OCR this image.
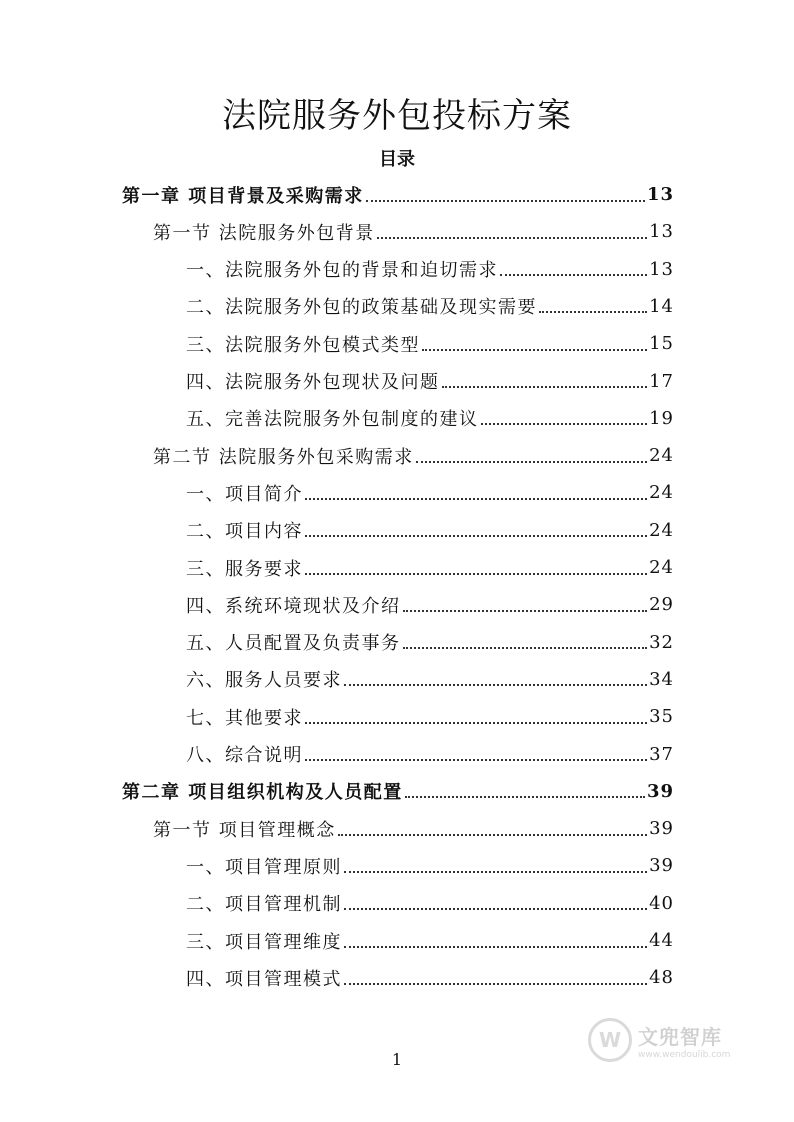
法院服务外包投标方案
目录
第一章 项目背景及采购需求	13
第一节 法院服务外包背景	13
一、法院服务外包的背景和迫切需求	13
二、法院服务外包的政策基础及现实需要	14
三、法院服务外包模式类型	15
四、法院服务外包现状及问题	17
五、完善法院服务外包制度的建议	19
第二节 法院服务外包采购需求	24
一、项目简介	24
二、项目内容	24
三、服务要求	24
四、系统环境现状及介绍	29
五、人员配置及负责事务	32
六、服务人员要求	34
七、其他要求	35
八、综合说明	37
第二章 项目组织机构及人员配置	39
第一节 项目管理概念	39
一、项目管理原则	39
二、项目管理机制	40
三、项目管理维度	44
四、项目管理模式	48
1
W 文兜智库
www.wendoulib.com
